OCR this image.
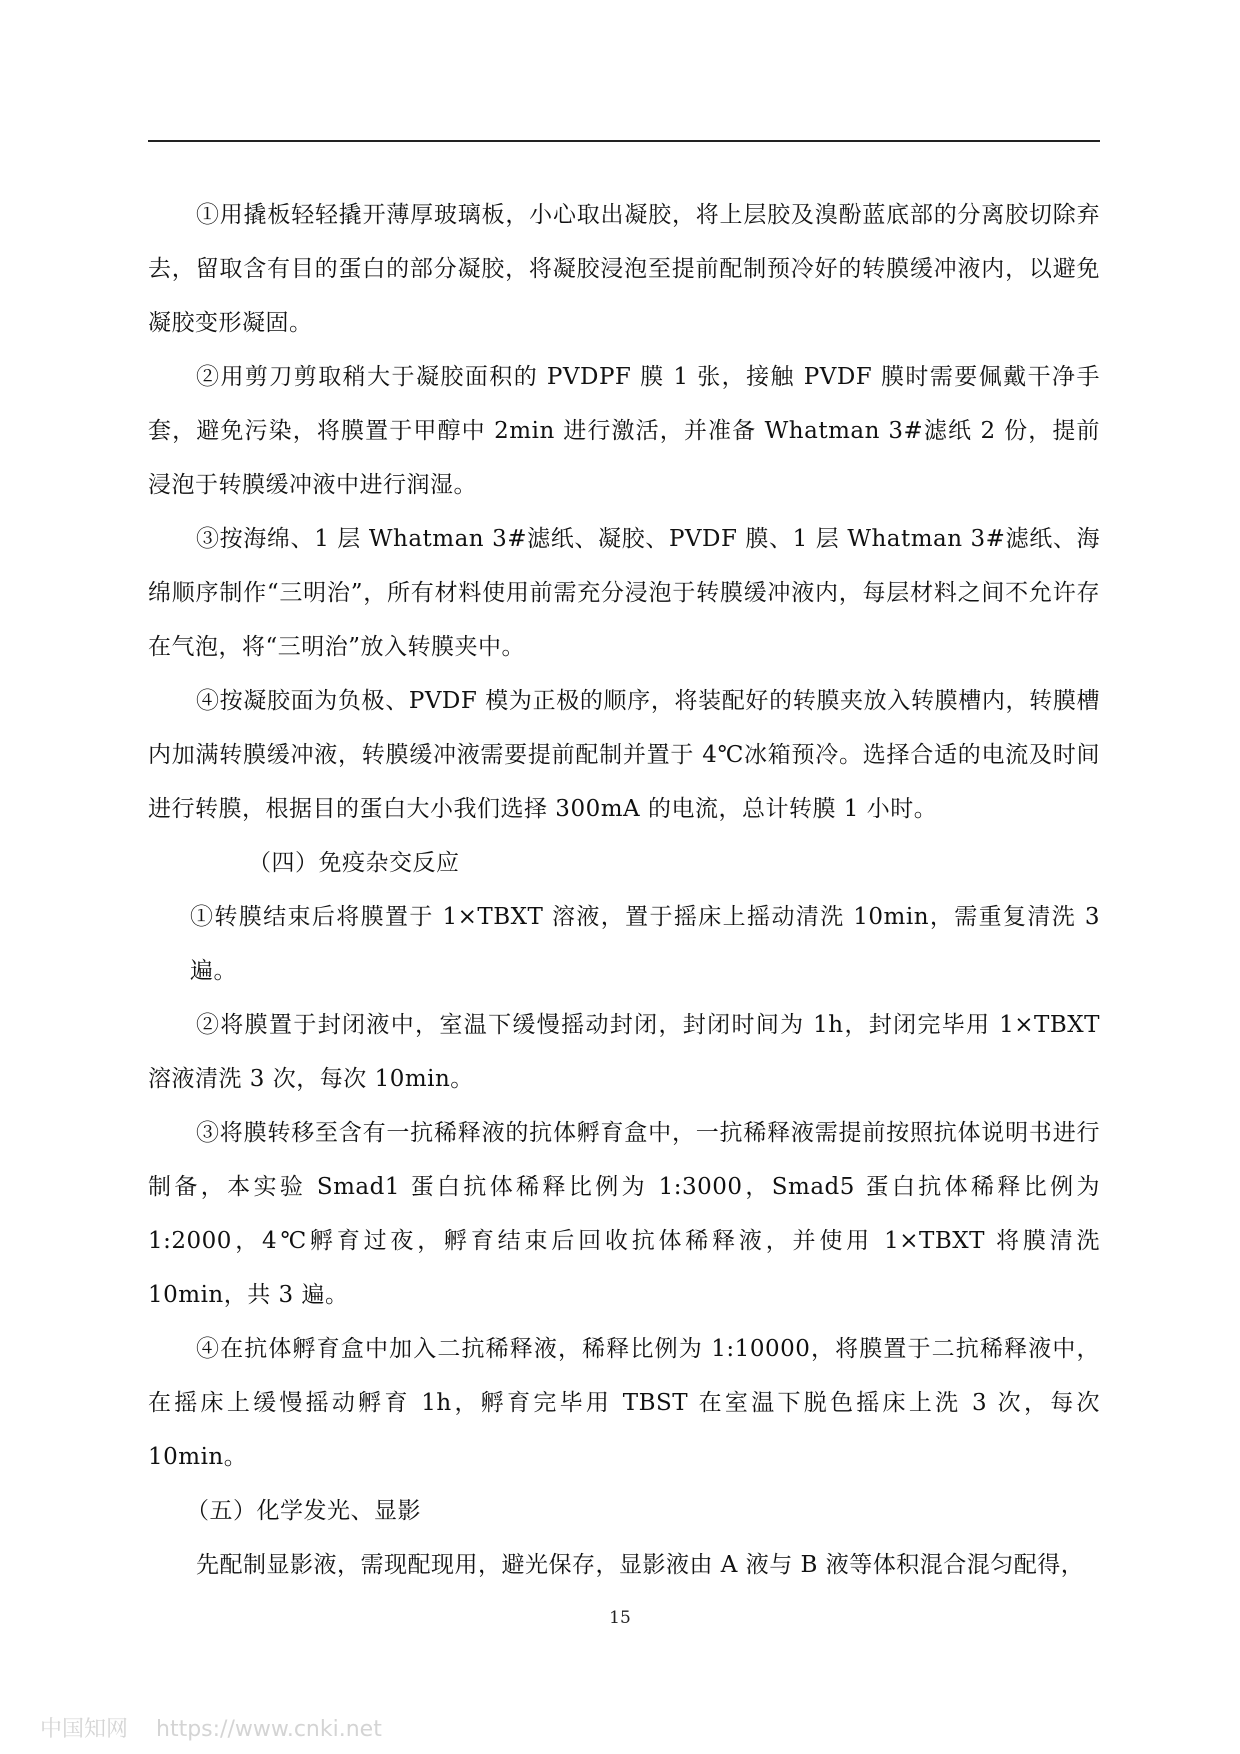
①用撬板轻轻撬开薄厚玻璃板，小心取出凝胶，将上层胶及溴酚蓝底部的分离胶切除弃去，留取含有目的蛋白的部分凝胶，将凝胶浸泡至提前配制预冷好的转膜缓冲液内，以避免凝胶变形凝固。

②用剪刀剪取稍大于凝胶面积的 PVDPF 膜 1 张，接触 PVDF 膜时需要佩戴干净手套，避免污染，将膜置于甲醇中 2min 进行激活，并准备 Whatman 3#滤纸 2 份，提前浸泡于转膜缓冲液中进行润湿。

③按海绵、1 层 Whatman 3#滤纸、凝胶、PVDF 膜、1 层 Whatman 3#滤纸、海绵顺序制作“三明治”，所有材料使用前需充分浸泡于转膜缓冲液内，每层材料之间不允许存在气泡，将“三明治”放入转膜夹中。

④按凝胶面为负极、PVDF 模为正极的顺序，将装配好的转膜夹放入转膜槽内，转膜槽内加满转膜缓冲液，转膜缓冲液需要提前配制并置于 4℃冰箱预冷。选择合适的电流及时间进行转膜，根据目的蛋白大小我们选择 300mA 的电流，总计转膜 1 小时。

（四）免疫杂交反应

①转膜结束后将膜置于 1×TBXT 溶液，置于摇床上摇动清洗 10min，需重复清洗 3 遍。

②将膜置于封闭液中，室温下缓慢摇动封闭，封闭时间为 1h，封闭完毕用 1×TBXT 溶液清洗 3 次，每次 10min。

③将膜转移至含有一抗稀释液的抗体孵育盒中，一抗稀释液需提前按照抗体说明书进行制备，本实验 Smad1 蛋白抗体稀释比例为 1:3000，Smad5 蛋白抗体稀释比例为 1:2000，4℃孵育过夜，孵育结束后回收抗体稀释液，并使用 1×TBXT 将膜清洗 10min，共 3 遍。

④在抗体孵育盒中加入二抗稀释液，稀释比例为 1:10000，将膜置于二抗稀释液中，在摇床上缓慢摇动孵育 1h，孵育完毕用 TBST 在室温下脱色摇床上洗 3 次，每次 10min。

（五）化学发光、显影

先配制显影液，需现配现用，避光保存，显影液由 A 液与 B 液等体积混合混匀配得，

15
中国知网 https://www.cnki.net
